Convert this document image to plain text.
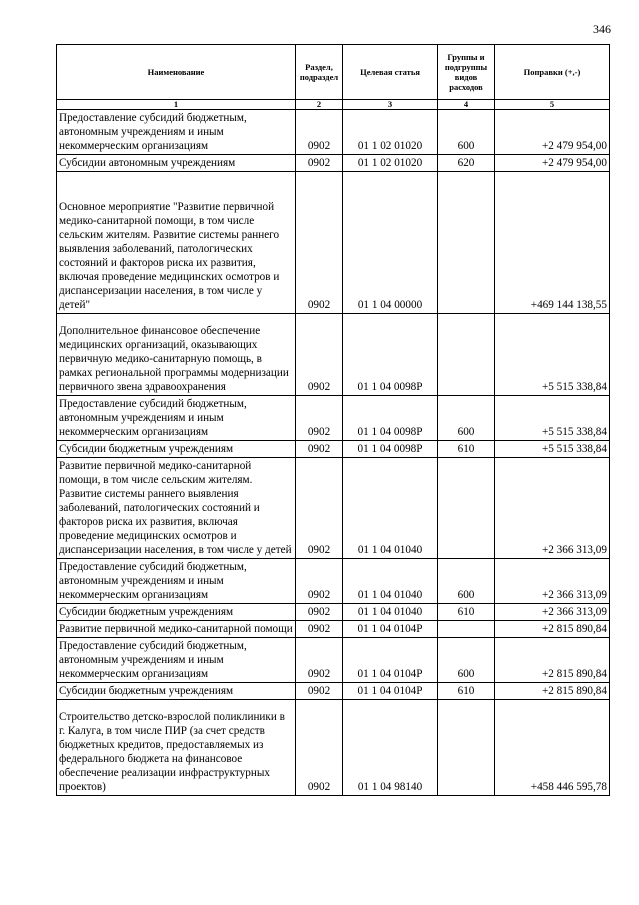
346
Наименование	Раздел, подраздел	Целевая статья	Группы и подгруппы видов расходов	Поправки (+,-)
1	2	3	4	5
Предоставление субсидий бюджетным, автономным учреждениям и иным некоммерческим организациям	0902	01 1 02 01020	600	+2 479 954,00
Субсидии автономным учреждениям	0902	01 1 02 01020	620	+2 479 954,00
Основное мероприятие "Развитие первичной медико-санитарной помощи, в том числе сельским жителям. Развитие системы раннего выявления заболеваний, патологических состояний и факторов риска их развития, включая проведение медицинских осмотров и диспансеризации населения, в том числе у детей"	0902	01 1 04 00000		+469 144 138,55
Дополнительное финансовое обеспечение медицинских организаций, оказывающих первичную медико-санитарную помощь, в рамках региональной программы модернизации первичного звена здравоохранения	0902	01 1 04 0098P		+5 515 338,84
Предоставление субсидий бюджетным, автономным учреждениям и иным некоммерческим организациям	0902	01 1 04 0098P	600	+5 515 338,84
Субсидии бюджетным учреждениям	0902	01 1 04 0098P	610	+5 515 338,84
Развитие первичной медико-санитарной помощи, в том числе сельским жителям. Развитие системы раннего выявления заболеваний, патологических состояний и факторов риска их развития, включая проведение медицинских осмотров и диспансеризации населения, в том числе у детей	0902	01 1 04 01040		+2 366 313,09
Предоставление субсидий бюджетным, автономным учреждениям и иным некоммерческим организациям	0902	01 1 04 01040	600	+2 366 313,09
Субсидии бюджетным учреждениям	0902	01 1 04 01040	610	+2 366 313,09
Развитие первичной медико-санитарной помощи	0902	01 1 04 0104P		+2 815 890,84
Предоставление субсидий бюджетным, автономным учреждениям и иным некоммерческим организациям	0902	01 1 04 0104P	600	+2 815 890,84
Субсидии бюджетным учреждениям	0902	01 1 04 0104P	610	+2 815 890,84
Строительство детско-взрослой поликлиники в г. Калуга, в том числе ПИР (за счет средств бюджетных кредитов, предоставляемых из федерального бюджета на финансовое обеспечение реализации инфраструктурных проектов)	0902	01 1 04 98140		+458 446 595,78
